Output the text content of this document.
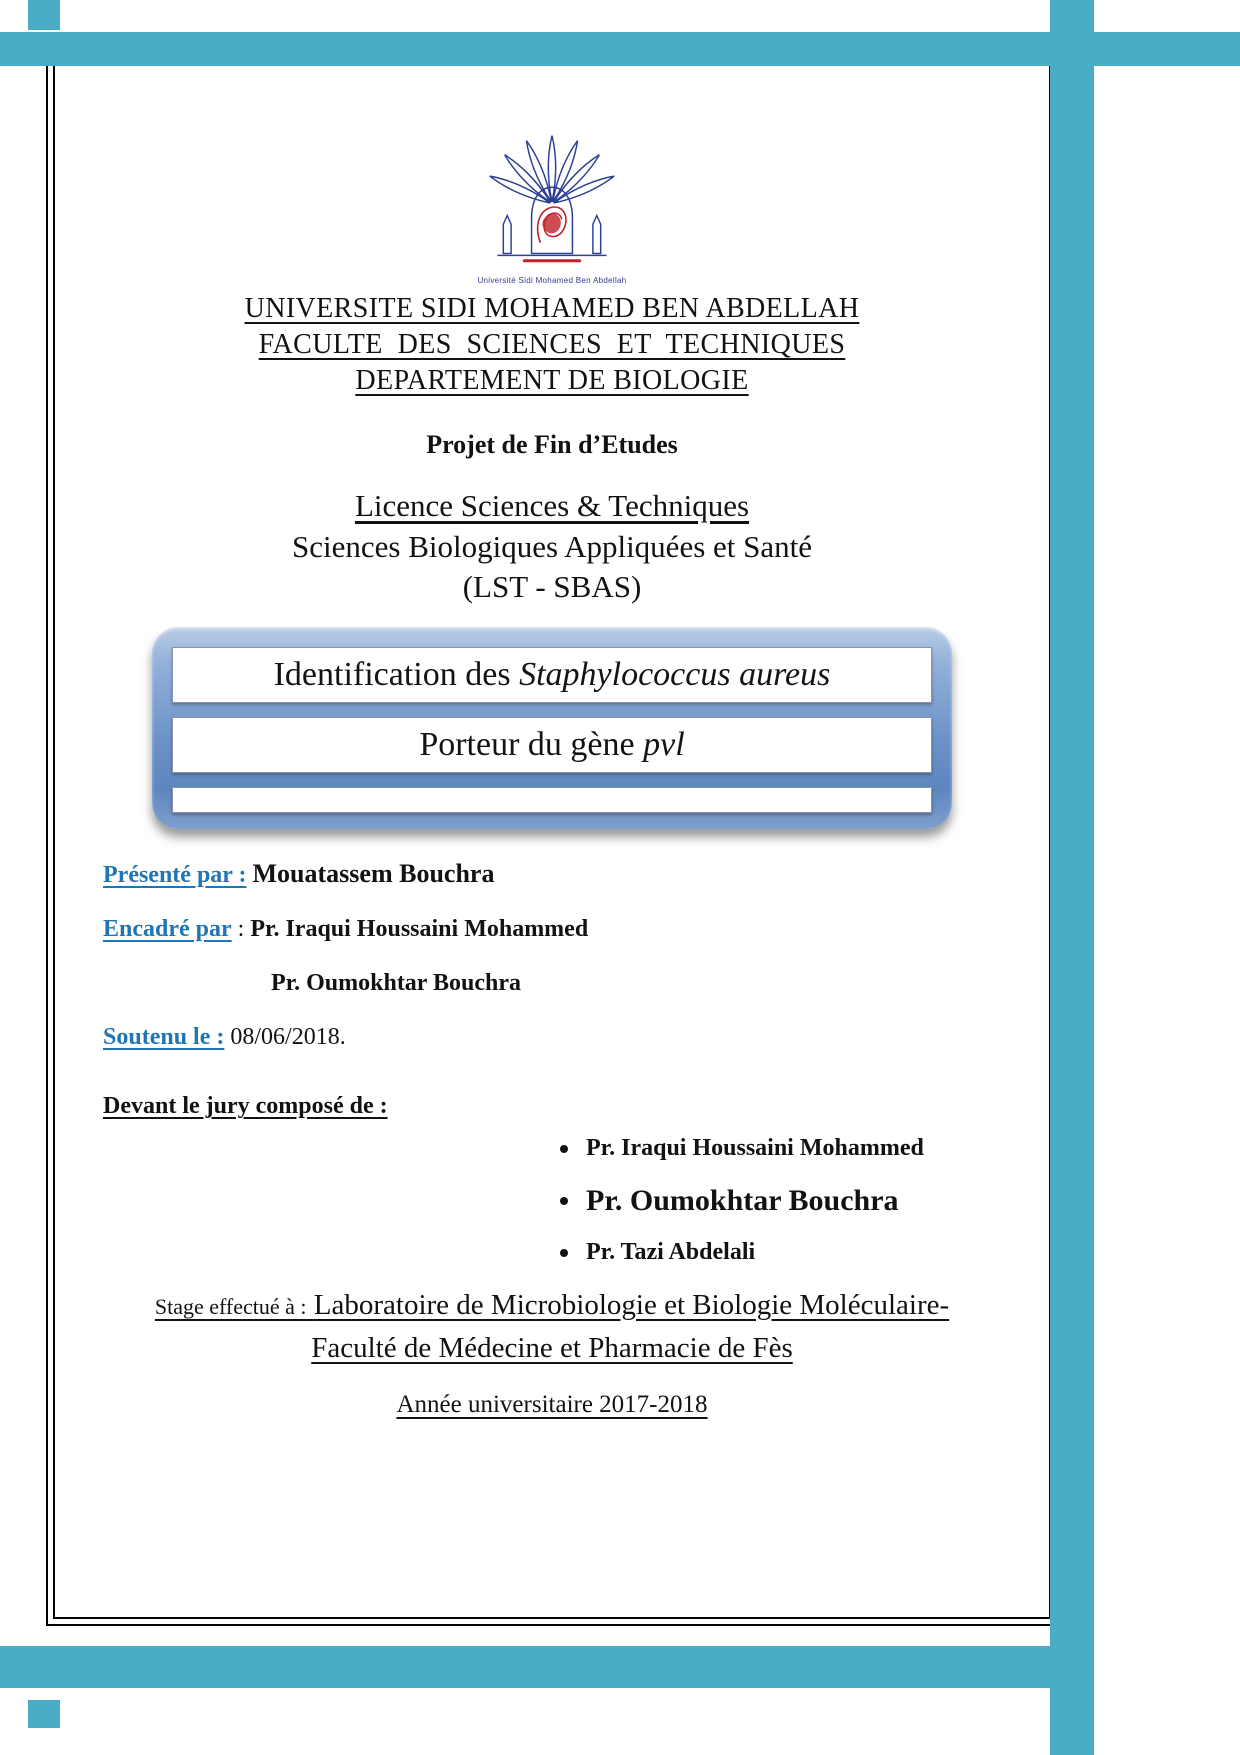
Université Sidi Mohamed Ben Abdellah
UNIVERSITE SIDI MOHAMED BEN ABDELLAH
FACULTE  DES  SCIENCES  ET  TECHNIQUES
DEPARTEMENT DE BIOLOGIE
Projet de Fin d’Etudes
Licence Sciences & Techniques
Sciences Biologiques Appliquées et Santé
(LST - SBAS)
Identification des Staphylococcus aureus
Porteur du gène pvl
Présenté par : Mouatassem Bouchra
Encadré par : Pr. Iraqui Houssaini Mohammed
Pr. Oumokhtar Bouchra
Soutenu le : 08/06/2018.
Devant le jury composé de :
Pr. Iraqui Houssaini Mohammed
Pr. Oumokhtar Bouchra
Pr. Tazi Abdelali
Stage effectué à : Laboratoire de Microbiologie et Biologie Moléculaire-
Faculté de Médecine et Pharmacie de Fès
Année universitaire 2017-2018
